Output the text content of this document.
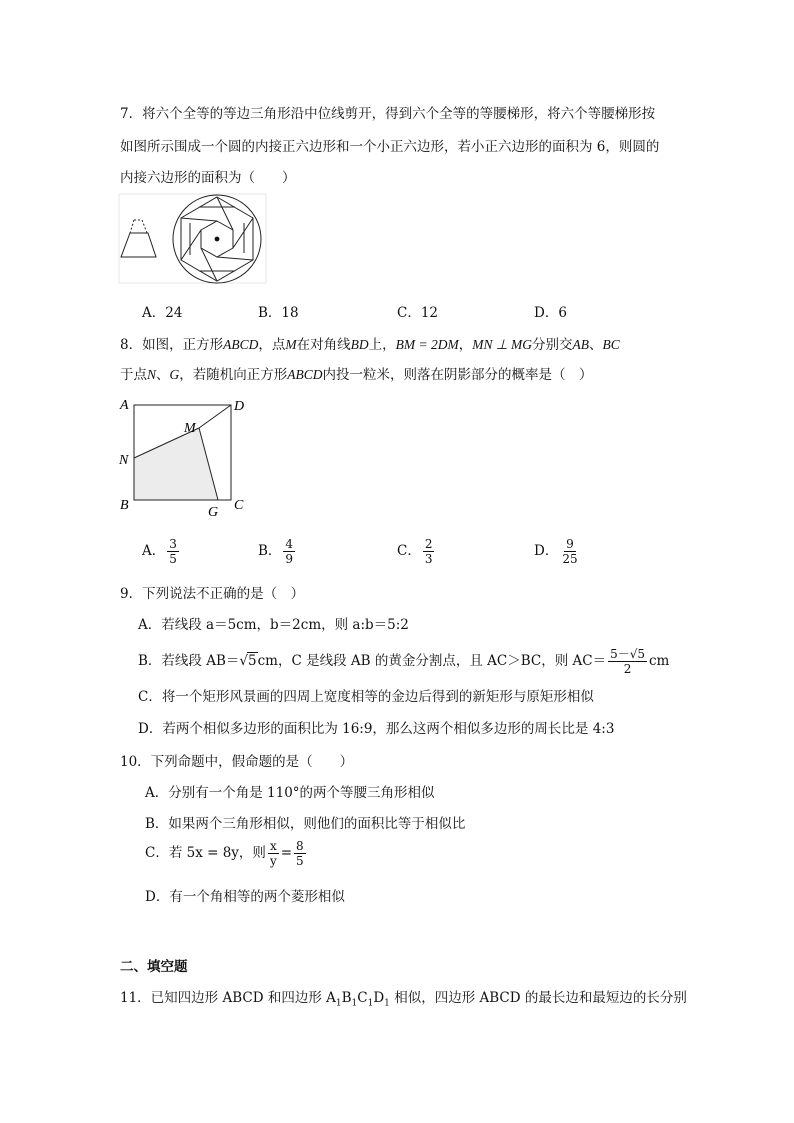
7．将六个全等的等边三角形沿中位线剪开，得到六个全等的等腰梯形，将六个等腰梯形按
如图所示围成一个圆的内接正六边形和一个小正六边形，若小正六边形的面积为 6，则圆的
内接六边形的面积为（　　）
A．24	B．18	C．12	D．6
8．如图，正方形ABCD，点M在对角线BD上，BM = 2DM，MN ⊥ MG分别交AB、BC
于点N、G，若随机向正方形ABCD内投一粒米，则落在阴影部分的概率是（　）
A	D
M
N
B	G C
A． $\frac{3}{5}$	B． $\frac{4}{9}$	C． $\frac{2}{3}$	D． $\frac{9}{25}$
9．下列说法不正确的是（　）
A．若线段 a＝5cm，b＝2cm，则 a:b＝5:2
B．若线段 AB＝√5cm，C 是线段 AB 的黄金分割点，且 AC＞BC，则 $AC= \frac{5-√5}{2}$ cm
C．将一个矩形风景画的四周上宽度相等的金边后得到的新矩形与原矩形相似
D．若两个相似多边形的面积比为 16:9，那么这两个相似多边形的周长比是 4:3
10．下列命题中，假命题的是（　　）
A．分别有一个角是 110°的两个等腰三角形相似
B．如果两个三角形相似，则他们的面积比等于相似比
C．若 5x = 8y，则 $\frac{x}{y} = \frac{8}{5}$
D．有一个角相等的两个菱形相似
二、填空题
11．已知四边形 ABCD 和四边形 $A_1B_1C_1D_1$ 相似，四边形 ABCD 的最长边和最短边的长分别
